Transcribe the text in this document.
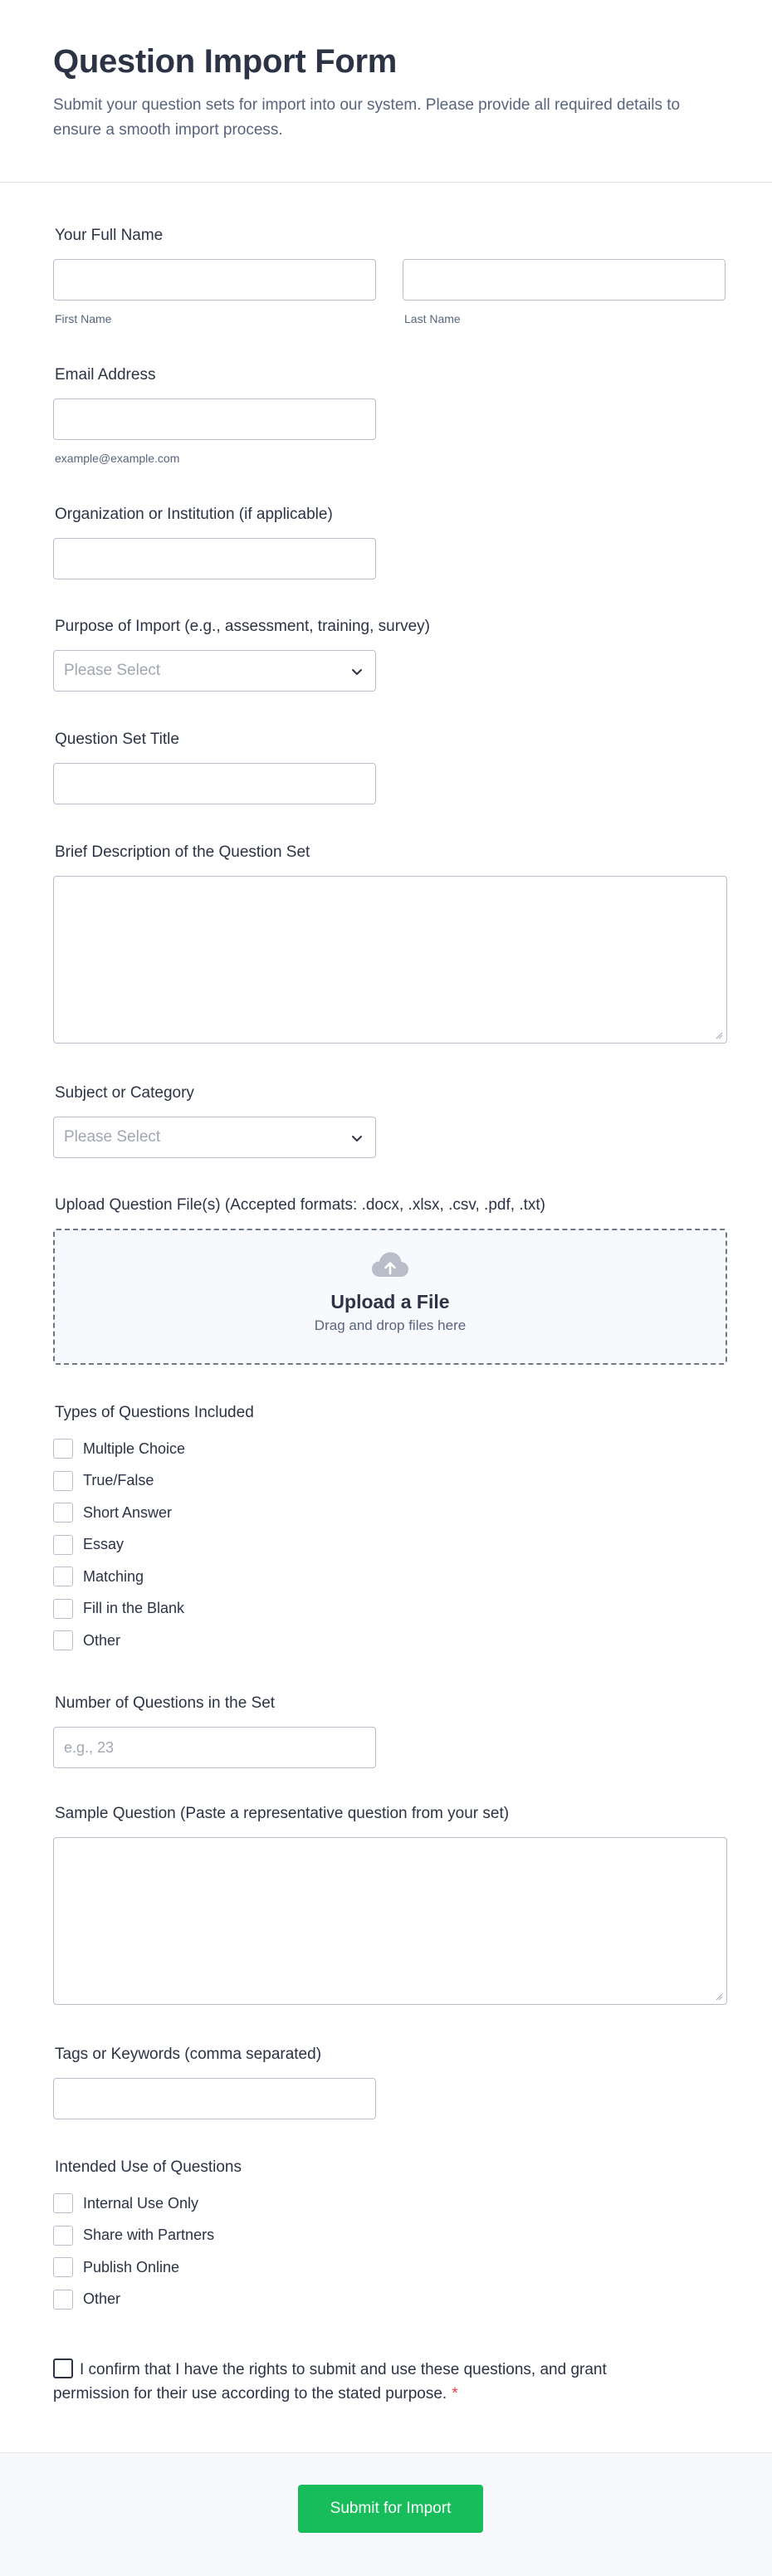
Question Import Form

Submit your question sets for import into our system. Please provide all required details to ensure a smooth import process.

Your Full Name
First Name	Last Name
Email Address
example@example.com
Organization or Institution (if applicable)
Purpose of Import (e.g., assessment, training, survey)
Please Select
Question Set Title
Brief Description of the Question Set
Subject or Category
Please Select
Upload Question File(s) (Accepted formats: .docx, .xlsx, .csv, .pdf, .txt)
Upload a File
Drag and drop files here
Types of Questions Included
Multiple Choice
True/False
Short Answer
Essay
Matching
Fill in the Blank
Other
Number of Questions in the Set
e.g., 23
Sample Question (Paste a representative question from your set)
Tags or Keywords (comma separated)
Intended Use of Questions
Internal Use Only
Share with Partners
Publish Online
Other
I confirm that I have the rights to submit and use these questions, and grant permission for their use according to the stated purpose. *
Submit for Import
